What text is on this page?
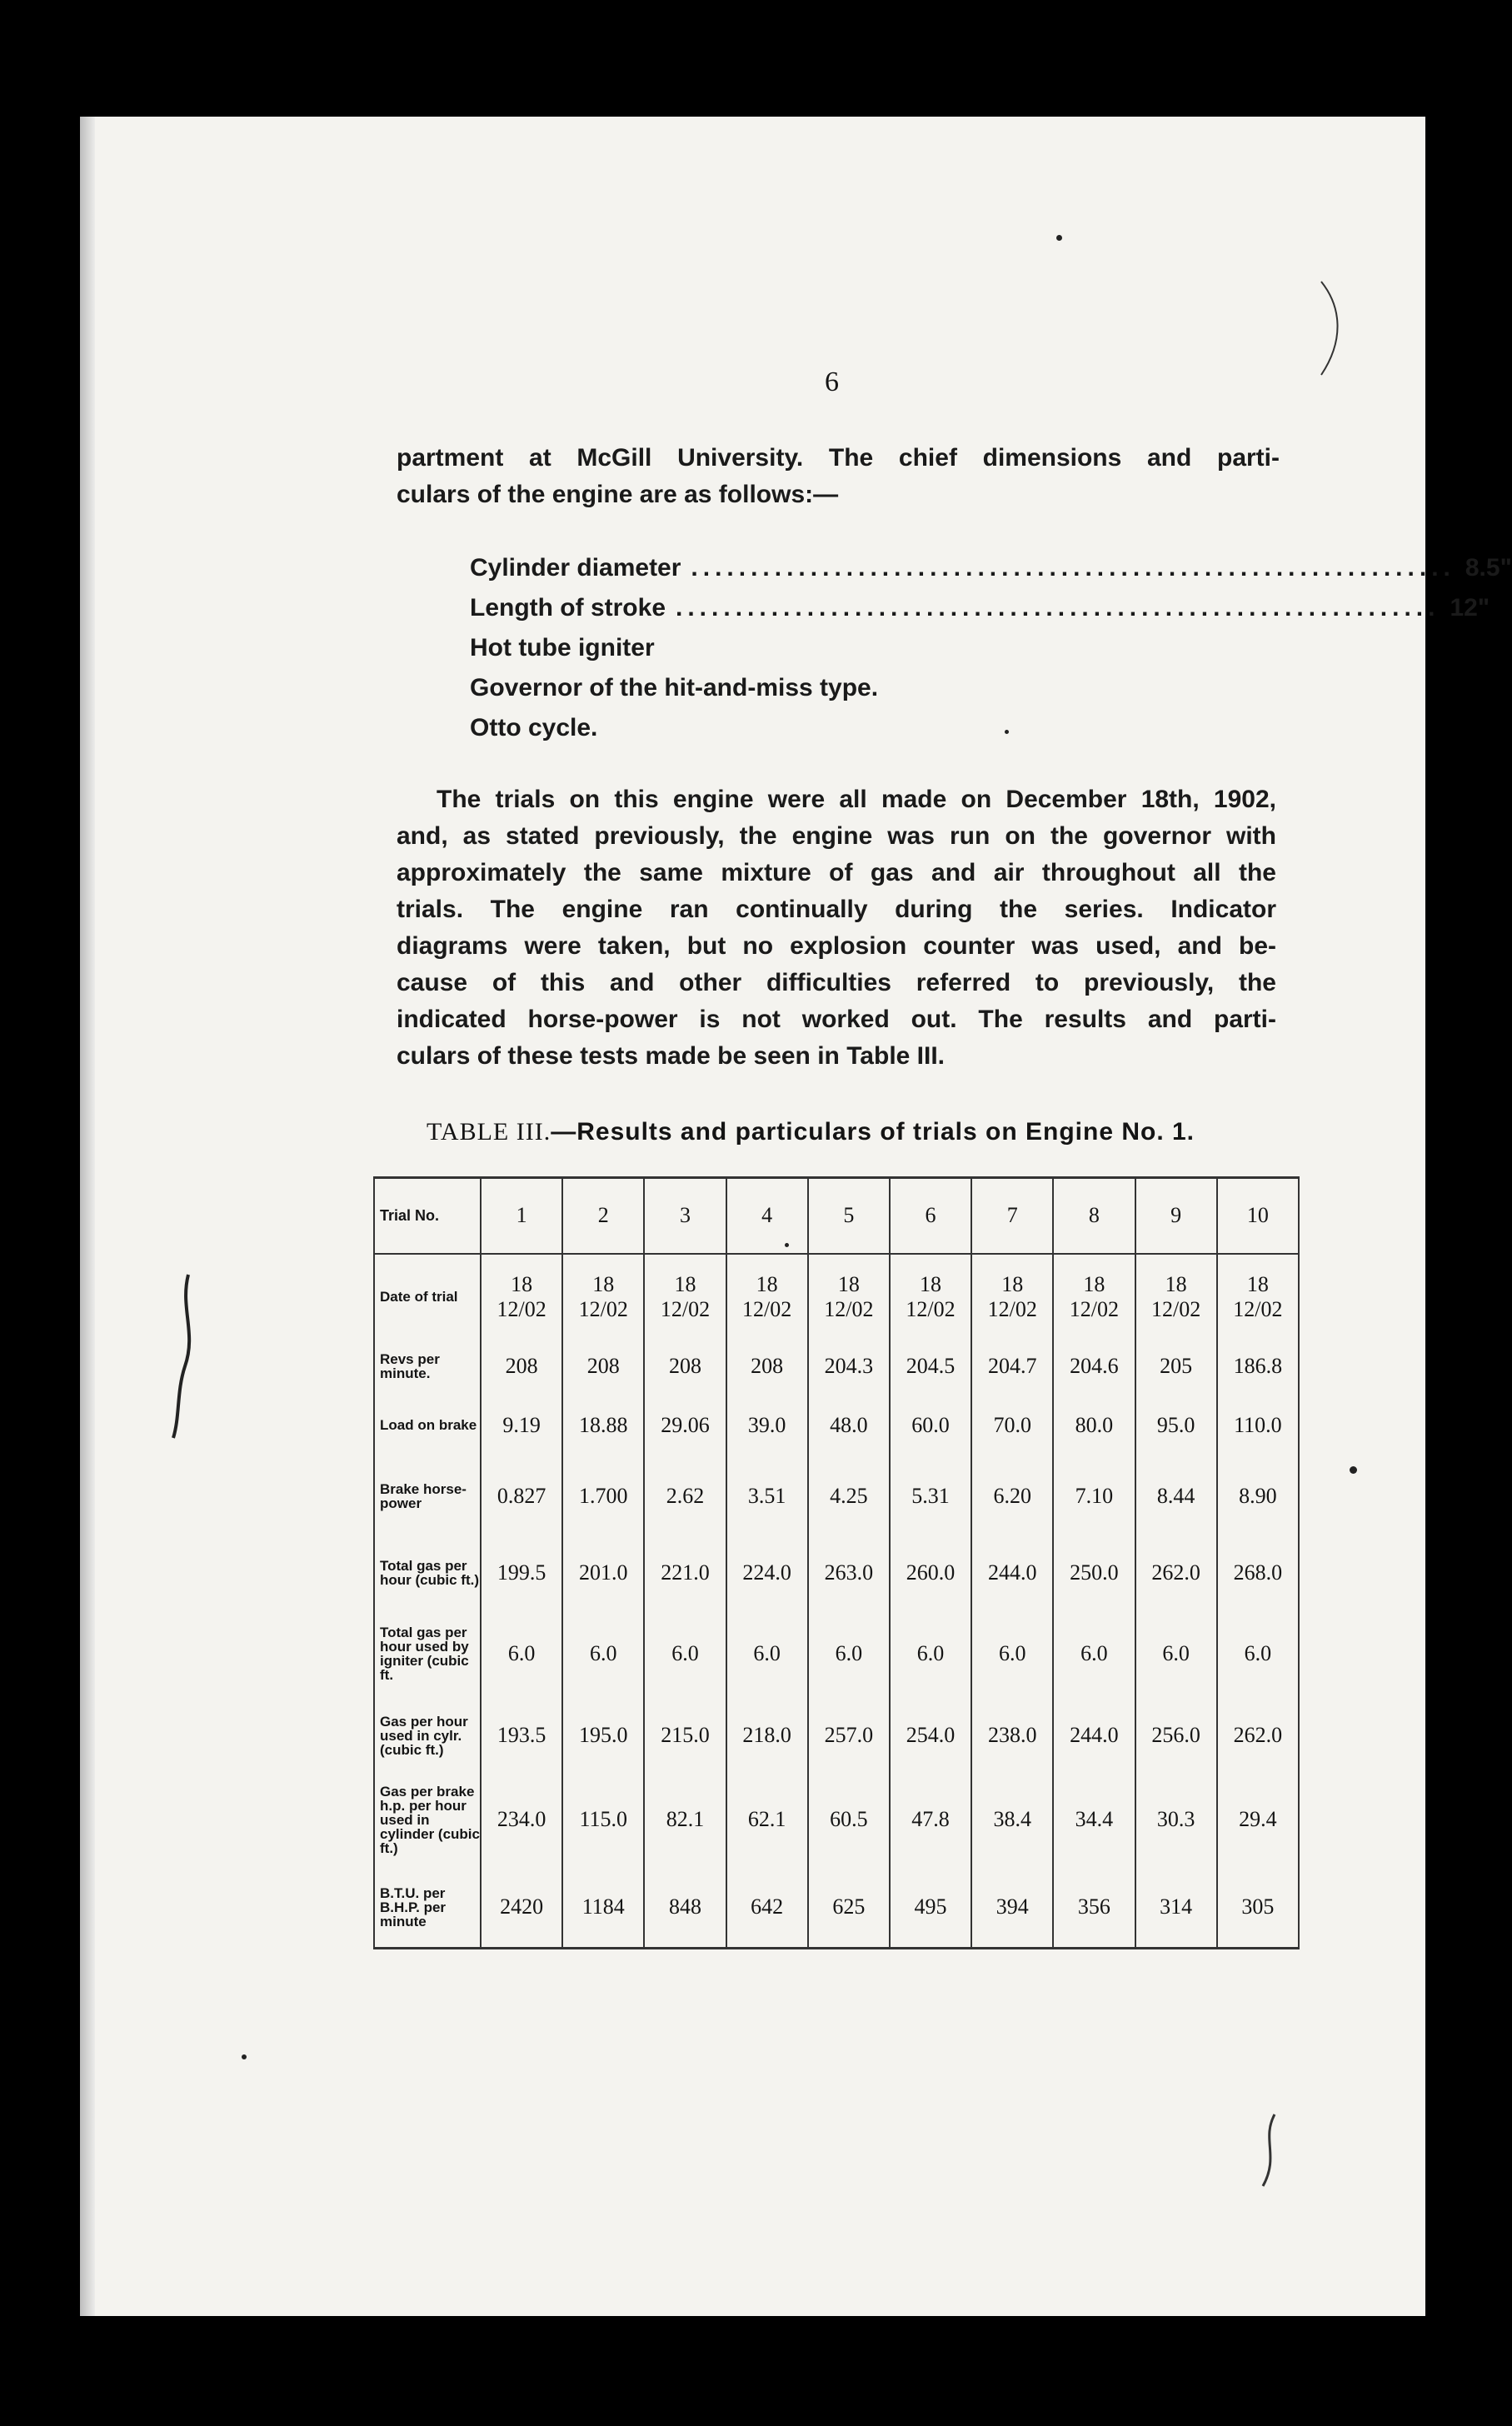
6
partment at McGill University. The chief dimensions and parti-
culars of the engine are as follows:—
Cylinder diameter ................................................................ 8.5"
Length of stroke ................................................................ 12"
Hot tube igniter
Governor of the hit-and-miss type.
Otto cycle.
The trials on this engine were all made on December 18th, 1902,
and, as stated previously, the engine was run on the governor with
approximately the same mixture of gas and air throughout all the
trials. The engine ran continually during the series. Indicator
diagrams were taken, but no explosion counter was used, and be-
cause of this and other difficulties referred to previously, the
indicated horse-power is not worked out. The results and parti-
culars of these tests made be seen in Table III.
TABLE III.—Results and particulars of trials on Engine No. 1.
Trial No.	1	2	3	4	5	6	7	8	9	10
Date of trial	18
12/02	18
12/02	18
12/02	18
12/02	18
12/02	18
12/02	18
12/02	18
12/02	18
12/02	18
12/02
Revs per minute.	208	208	208	208	204.3	204.5	204.7	204.6	205	186.8
Load on brake	9.19	18.88	29.06	39.0	48.0	60.0	70.0	80.0	95.0	110.0
Brake horse-power	0.827	1.700	2.62	3.51	4.25	5.31	6.20	7.10	8.44	8.90
Total gas per hour (cubic ft.)	199.5	201.0	221.0	224.0	263.0	260.0	244.0	250.0	262.0	268.0
Total gas per hour used by igniter (cubic ft.	6.0	6.0	6.0	6.0	6.0	6.0	6.0	6.0	6.0	6.0
Gas per hour used in cylr. (cubic ft.)	193.5	195.0	215.0	218.0	257.0	254.0	238.0	244.0	256.0	262.0
Gas per brake h.p. per hour used in cylinder (cubic ft.)	234.0	115.0	82.1	62.1	60.5	47.8	38.4	34.4	30.3	29.4
B.T.U. per B.H.P. per minute	2420	1184	848	642	625	495	394	356	314	305
